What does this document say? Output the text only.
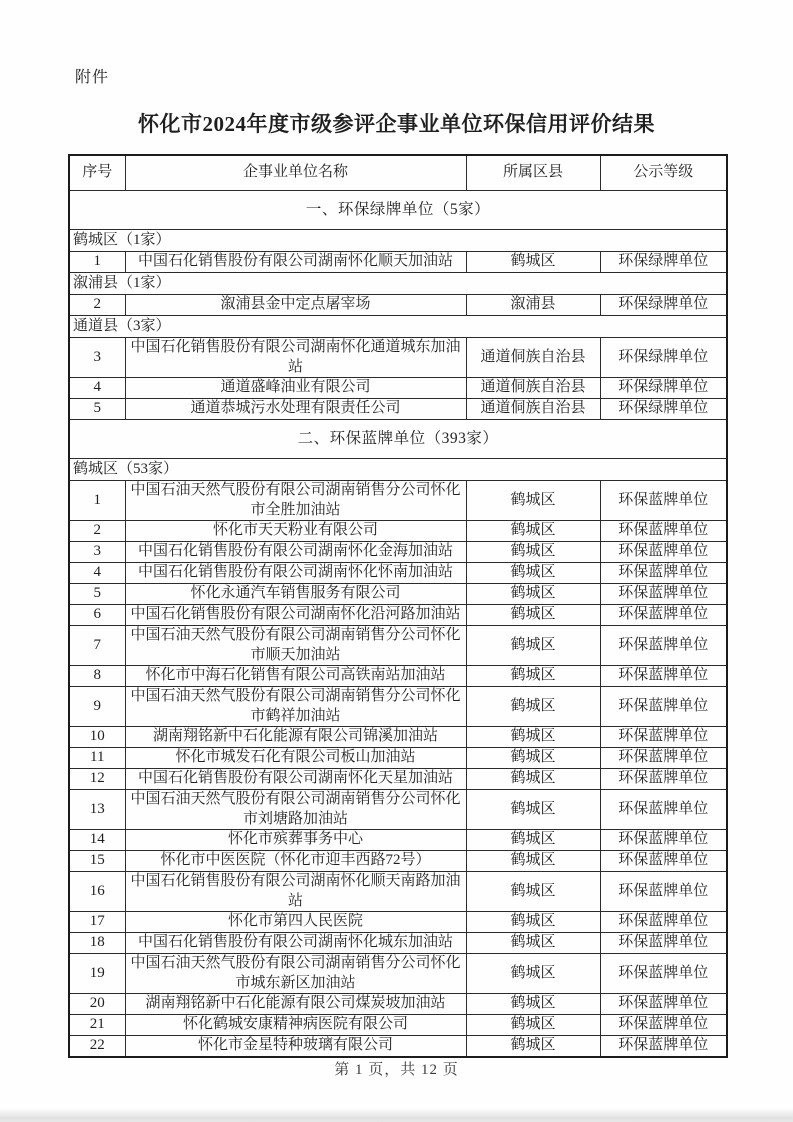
附件
怀化市2024年度市级参评企事业单位环保信用评价结果
序号	企事业单位名称	所属区县	公示等级
一、环保绿牌单位（5家）			
鹤城区（1家）			
1	中国石化销售股份有限公司湖南怀化顺天加油站	鹤城区	环保绿牌单位
溆浦县（1家）			
2	溆浦县金中定点屠宰场	溆浦县	环保绿牌单位
通道县（3家）			
3	中国石化销售股份有限公司湖南怀化通道城东加油站	通道侗族自治县	环保绿牌单位
4	通道盛峰油业有限公司	通道侗族自治县	环保绿牌单位
5	通道恭城污水处理有限责任公司	通道侗族自治县	环保绿牌单位
二、环保蓝牌单位（393家）			
鹤城区（53家）			
1	中国石油天然气股份有限公司湖南销售分公司怀化市全胜加油站	鹤城区	环保蓝牌单位
2	怀化市天天粉业有限公司	鹤城区	环保蓝牌单位
3	中国石化销售股份有限公司湖南怀化金海加油站	鹤城区	环保蓝牌单位
4	中国石化销售股份有限公司湖南怀化怀南加油站	鹤城区	环保蓝牌单位
5	怀化永通汽车销售服务有限公司	鹤城区	环保蓝牌单位
6	中国石化销售股份有限公司湖南怀化沿河路加油站	鹤城区	环保蓝牌单位
7	中国石油天然气股份有限公司湖南销售分公司怀化市顺天加油站	鹤城区	环保蓝牌单位
8	怀化市中海石化销售有限公司高铁南站加油站	鹤城区	环保蓝牌单位
9	中国石油天然气股份有限公司湖南销售分公司怀化市鹤祥加油站	鹤城区	环保蓝牌单位
10	湖南翔铭新中石化能源有限公司锦溪加油站	鹤城区	环保蓝牌单位
11	怀化市城发石化有限公司板山加油站	鹤城区	环保蓝牌单位
12	中国石化销售股份有限公司湖南怀化天星加油站	鹤城区	环保蓝牌单位
13	中国石油天然气股份有限公司湖南销售分公司怀化市刘塘路加油站	鹤城区	环保蓝牌单位
14	怀化市殡葬事务中心	鹤城区	环保蓝牌单位
15	怀化市中医医院（怀化市迎丰西路72号）	鹤城区	环保蓝牌单位
16	中国石化销售股份有限公司湖南怀化顺天南路加油站	鹤城区	环保蓝牌单位
17	怀化市第四人民医院	鹤城区	环保蓝牌单位
18	中国石化销售股份有限公司湖南怀化城东加油站	鹤城区	环保蓝牌单位
19	中国石油天然气股份有限公司湖南销售分公司怀化市城东新区加油站	鹤城区	环保蓝牌单位
20	湖南翔铭新中石化能源有限公司煤炭坡加油站	鹤城区	环保蓝牌单位
21	怀化鹤城安康精神病医院有限公司	鹤城区	环保蓝牌单位
22	怀化市金星特种玻璃有限公司	鹤城区	环保蓝牌单位
第 1 页，共 12 页
